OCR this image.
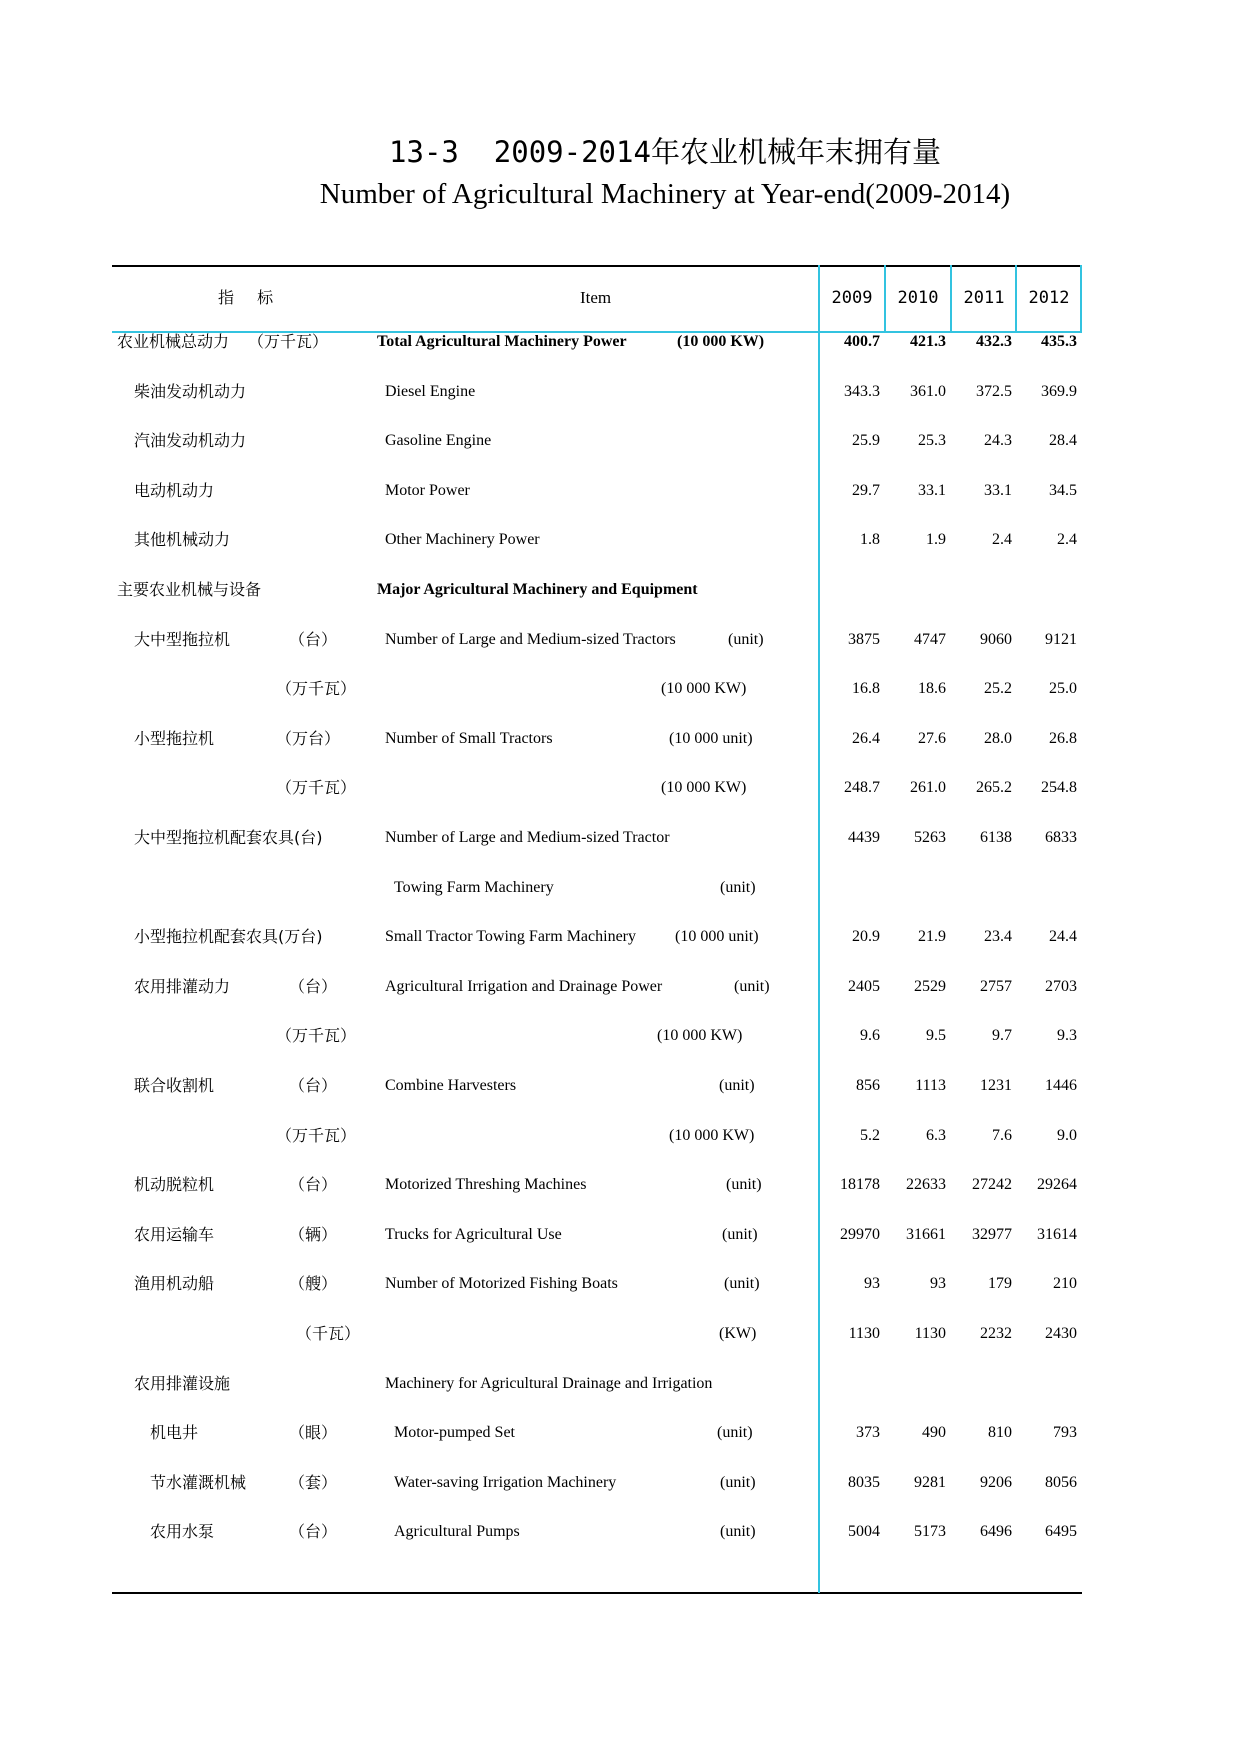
13-3  2009-2014年农业机械年末拥有量
Number of Agricultural Machinery at Year-end(2009-2014)
指 标	Item	2009	2010	2011	2012
农业机械总动力 （万千瓦）	Total Agricultural Machinery Power	(10 000 KW)	400.7	421.3	432.3	435.3
柴油发动机动力	Diesel Engine	343.3	361.0	372.5	369.9
汽油发动机动力	Gasoline Engine	25.9	25.3	24.3	28.4
电动机动力	Motor Power	29.7	33.1	33.1	34.5
其他机械动力	Other Machinery Power	1.8	1.9	2.4	2.4
主要农业机械与设备	Major Agricultural Machinery and Equipment
大中型拖拉机	（台）	Number of Large and Medium-sized Tractors	(unit)	3875	4747	9060	9121
（万千瓦）	(10 000 KW)	16.8	18.6	25.2	25.0
小型拖拉机	（万台）	Number of Small Tractors	(10 000 unit)	26.4	27.6	28.0	26.8
（万千瓦）	(10 000 KW)	248.7	261.0	265.2	254.8
大中型拖拉机配套农具(台)	Number of Large and Medium-sized Tractor	4439	5263	6138	6833
Towing Farm Machinery	(unit)
小型拖拉机配套农具(万台)	Small Tractor Towing Farm Machinery (10 000 unit)	20.9	21.9	23.4	24.4
农用排灌动力	（台）	Agricultural Irrigation and Drainage Power	(unit)	2405	2529	2757	2703
（万千瓦）	(10 000 KW)	9.6	9.5	9.7	9.3
联合收割机	（台）	Combine Harvesters	(unit)	856	1113	1231	1446
（万千瓦）	(10 000 KW)	5.2	6.3	7.6	9.0
机动脱粒机	（台）	Motorized Threshing Machines	(unit)	18178	22633	27242	29264
农用运输车	（辆）	Trucks for Agricultural Use	(unit)	29970	31661	32977	31614
渔用机动船	（艘）	Number of Motorized Fishing Boats	(unit)	93	93	179	210
（千瓦）	(KW)	1130	1130	2232	2430
农用排灌设施	Machinery for Agricultural Drainage and Irrigation
机电井	（眼）	Motor-pumped Set	(unit)	373	490	810	793
节水灌溉机械	（套）	Water-saving Irrigation Machinery	(unit)	8035	9281	9206	8056
农用水泵	（台）	Agricultural Pumps	(unit)	5004	5173	6496	6495
